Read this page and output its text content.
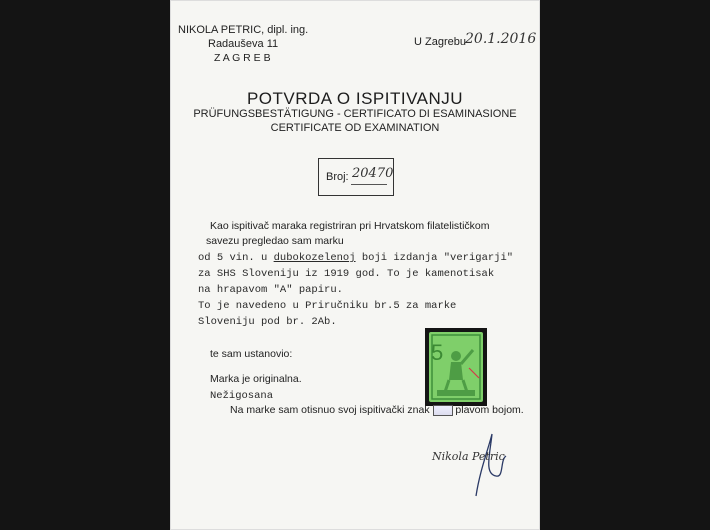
NIKOLA PETRIC, dipl. ing.
Radauševa 11
Z A G R E B
U Zagrebu 20.1.2016
POTVRDA O ISPITIVANJU
PRÜFUNGSBESTÄTIGUNG - CERTIFICATO DI ESAMINASIONE
CERTIFICATE OD EXAMINATION
Broj: 20470
Kao ispitivač maraka registriran pri Hrvatskom filatelističkom
savezu pregledao sam marku
od 5 vin. u dubokozelenoj boji izdanja "verigarji"
za SHS Sloveniju iz 1919 god. To je kamenotisak
na hrapavom "A" papiru.
To je navedeno u Priručniku br.5 za marke
Sloveniju pod br. 2Ab.
5
te sam ustanovio:
Marka je originalna.
Nežigosana
Na marke sam otisnuo svoj ispitivački znak plavom bojom.
Nikola Petric
